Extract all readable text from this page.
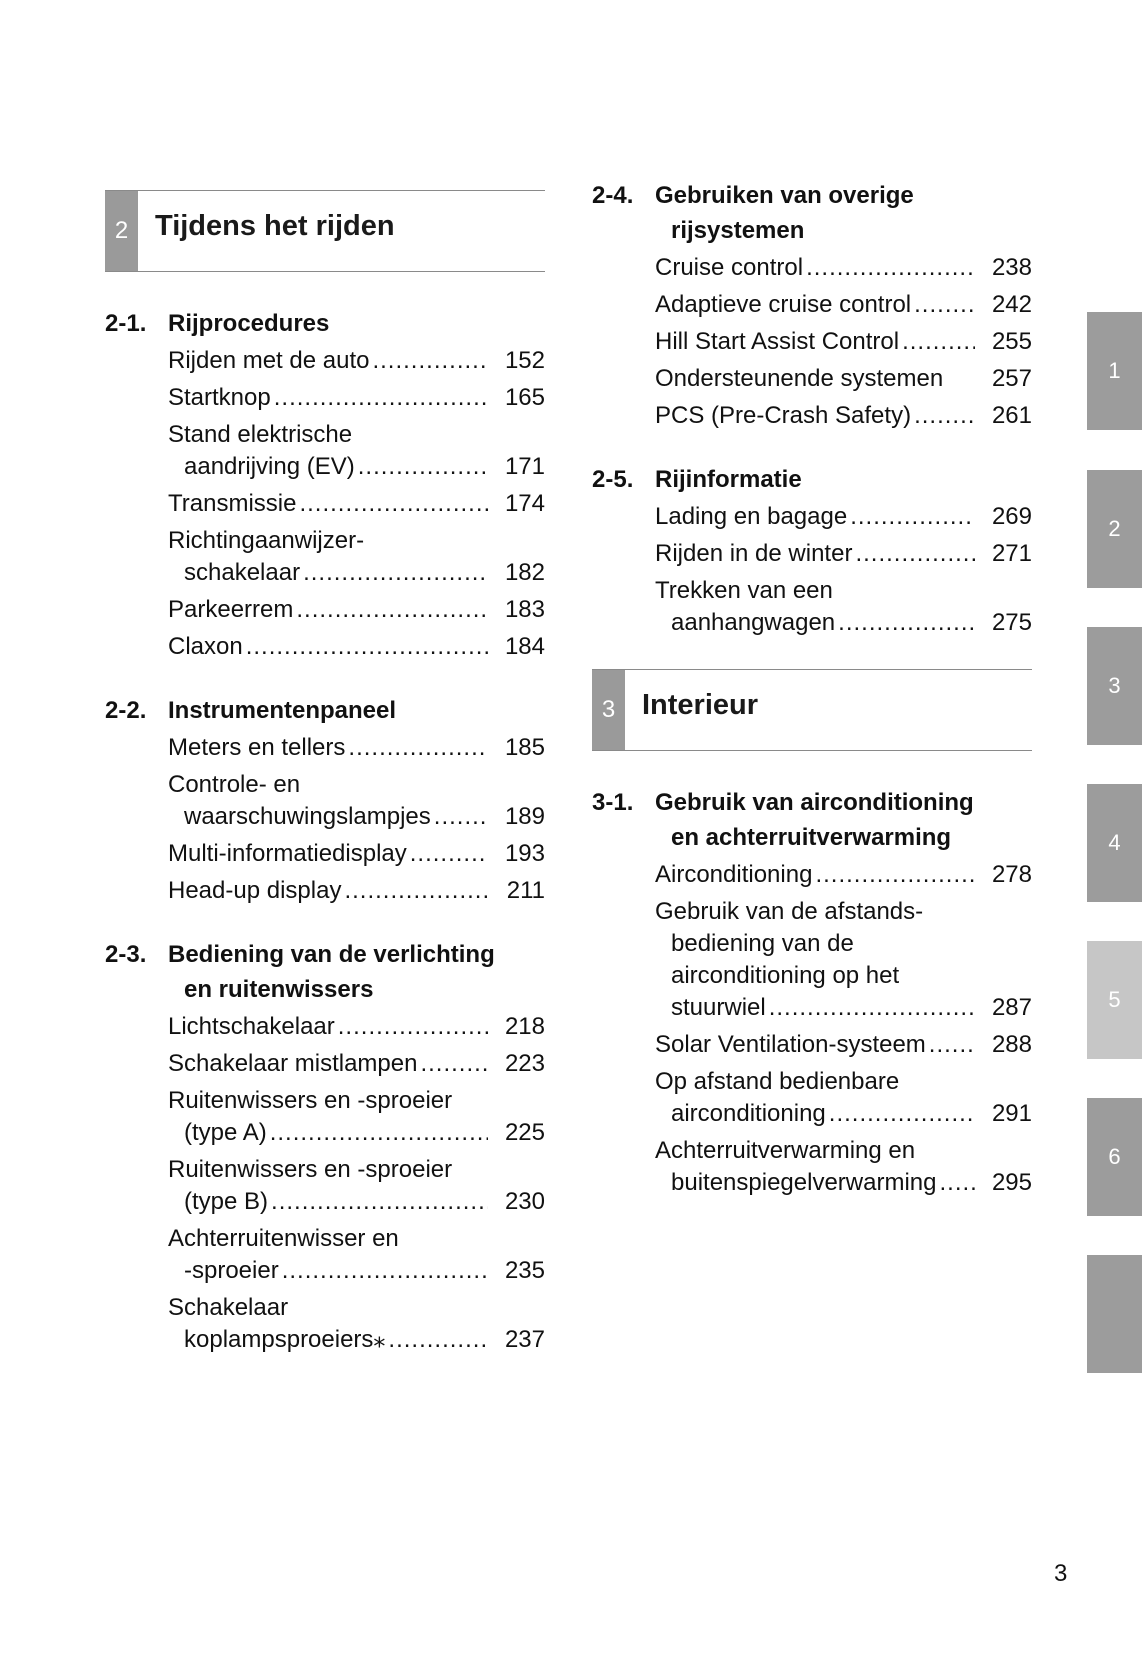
2 Tijdens het rijden
2-1. Rijprocedures
Rijden met de auto .....	152
Startknop .....	165
Stand elektrische
aandrijving (EV) .....	171
Transmissie .....	174
Richtingaanwijzer-
schakelaar .....	182
Parkeerrem .....	183
Claxon .....	184
2-2. Instrumentenpaneel
Meters en tellers .....	185
Controle- en
waarschuwingslampjes .....	189
Multi-informatiedisplay .....	193
Head-up display .....	211
2-3. Bediening van de verlichting
en ruitenwissers
Lichtschakelaar .....	218
Schakelaar mistlampen .....	223
Ruitenwissers en -sproeier
(type A) .....	225
Ruitenwissers en -sproeier
(type B) .....	230
Achterruitenwisser en
-sproeier .....	235
Schakelaar
koplampsproeiers⁎ .....	237
2-4. Gebruiken van overige
rijsystemen
Cruise control .....	238
Adaptieve cruise control .....	242
Hill Start Assist Control .....	255
Ondersteunende systemen	257
PCS (Pre-Crash Safety) .....	261
2-5. Rijinformatie
Lading en bagage .....	269
Rijden in de winter .....	271
Trekken van een
aanhangwagen .....	275
3 Interieur
3-1. Gebruik van airconditioning
en achterruitverwarming
Airconditioning .....	278
Gebruik van de afstands-
bediening van de
airconditioning op het
stuurwiel .....	287
Solar Ventilation-systeem .....	288
Op afstand bedienbare
airconditioning .....	291
Achterruitverwarming en
buitenspiegelverwarming .....	295
1
2
3
4
5
6
3
